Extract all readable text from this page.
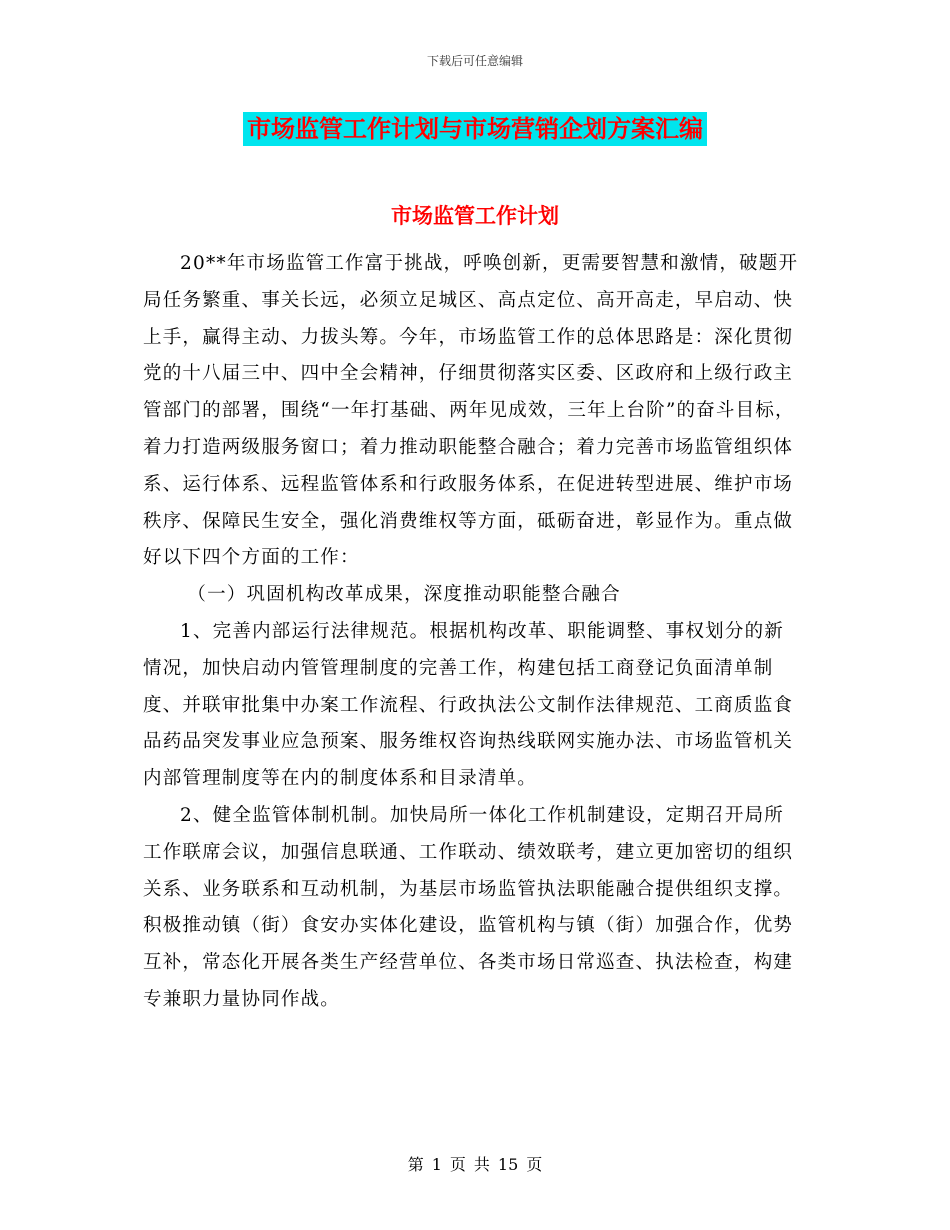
下载后可任意编辑
市场监管工作计划与市场营销企划方案汇编
市场监管工作计划

20**年市场监管工作富于挑战，呼唤创新，更需要智慧和激情，破题开局任务繁重、事关长远，必须立足城区、高点定位、高开高走，早启动、快上手，赢得主动、力拔头筹。今年，市场监管工作的总体思路是：深化贯彻党的十八届三中、四中全会精神，仔细贯彻落实区委、区政府和上级行政主管部门的部署，围绕“一年打基础、两年见成效，三年上台阶”的奋斗目标，着力打造两级服务窗口；着力推动职能整合融合；着力完善市场监管组织体系、运行体系、远程监管体系和行政服务体系，在促进转型进展、维护市场秩序、保障民生安全，强化消费维权等方面，砥砺奋进，彰显作为。重点做好以下四个方面的工作：

（一）巩固机构改革成果，深度推动职能整合融合

1、完善内部运行法律规范。根据机构改革、职能调整、事权划分的新情况，加快启动内管管理制度的完善工作，构建包括工商登记负面清单制度、并联审批集中办案工作流程、行政执法公文制作法律规范、工商质监食品药品突发事业应急预案、服务维权咨询热线联网实施办法、市场监管机关内部管理制度等在内的制度体系和目录清单。

2、健全监管体制机制。加快局所一体化工作机制建设，定期召开局所工作联席会议，加强信息联通、工作联动、绩效联考，建立更加密切的组织关系、业务联系和互动机制，为基层市场监管执法职能融合提供组织支撑。积极推动镇（街）食安办实体化建设，监管机构与镇（街）加强合作，优势互补，常态化开展各类生产经营单位、各类市场日常巡查、执法检查，构建专兼职力量协同作战。

第 1 页 共 15 页
